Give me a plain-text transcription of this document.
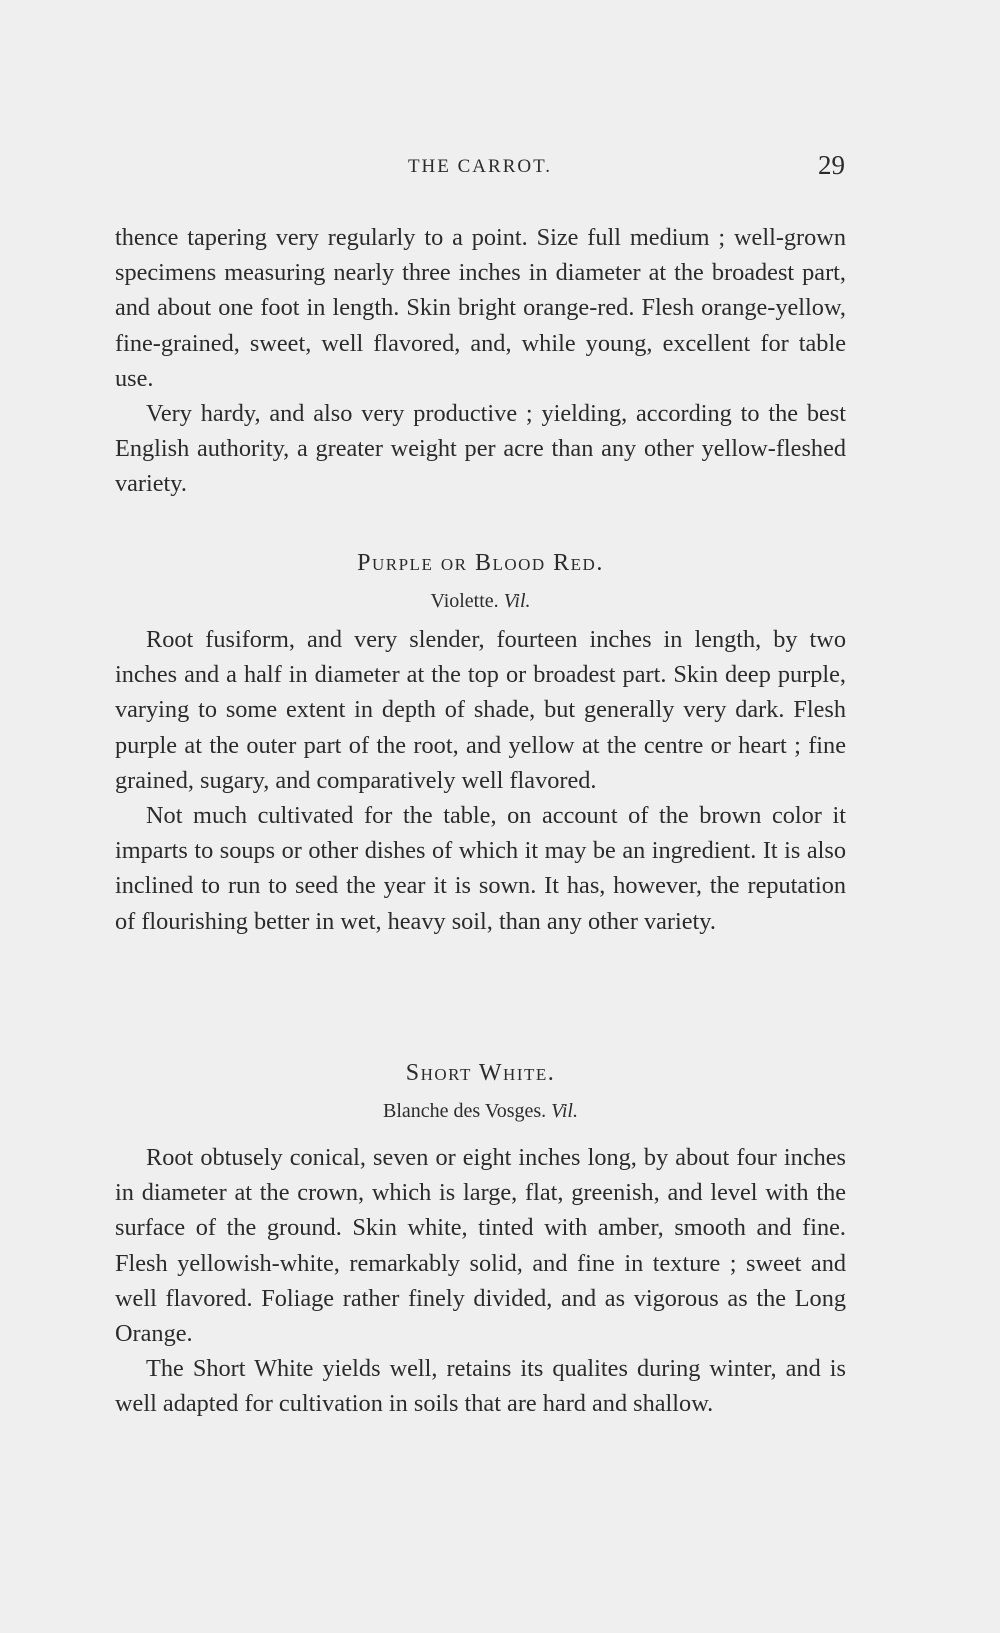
THE CARROT.	29

thence tapering very regularly to a point. Size full medium ; well-grown specimens measuring nearly three inches in diameter at the broadest part, and about one foot in length. Skin bright orange-red. Flesh orange-yellow, fine-grained, sweet, well flavored, and, while young, excellent for table use.

Very hardy, and also very productive ; yielding, according to the best English authority, a greater weight per acre than any other yellow-fleshed variety.

Purple or Blood Red.
Violette. Vil.

Root fusiform, and very slender, fourteen inches in length, by two inches and a half in diameter at the top or broadest part. Skin deep purple, varying to some extent in depth of shade, but generally very dark. Flesh purple at the outer part of the root, and yellow at the centre or heart ; fine grained, sugary, and comparatively well flavored.

Not much cultivated for the table, on account of the brown color it imparts to soups or other dishes of which it may be an ingredient. It is also inclined to run to seed the year it is sown. It has, however, the reputation of flourishing better in wet, heavy soil, than any other variety.

Short White.
Blanche des Vosges. Vil.

Root obtusely conical, seven or eight inches long, by about four inches in diameter at the crown, which is large, flat, greenish, and level with the surface of the ground. Skin white, tinted with amber, smooth and fine. Flesh yellowish-white, remarkably solid, and fine in texture ; sweet and well flavored. Foliage rather finely divided, and as vigorous as the Long Orange.

The Short White yields well, retains its qualites during winter, and is well adapted for cultivation in soils that are hard and shallow.
